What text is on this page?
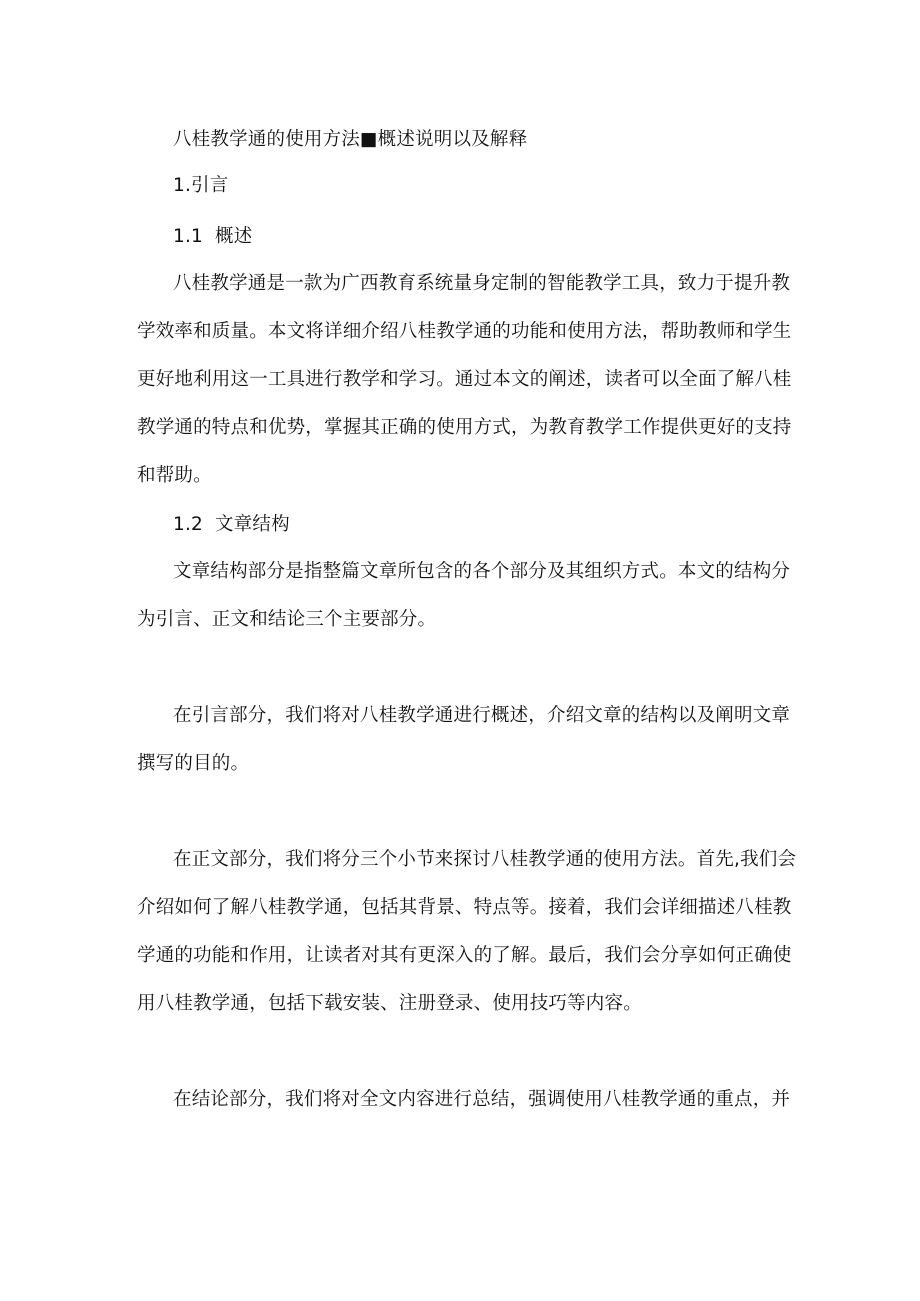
八桂教学通的使用方法■概述说明以及解释
1.引言
1.1 概述
八桂教学通是一款为广西教育系统量身定制的智能教学工具，致力于提升教
学效率和质量。本文将详细介绍八桂教学通的功能和使用方法，帮助教师和学生
更好地利用这一工具进行教学和学习。通过本文的阐述，读者可以全面了解八桂
教学通的特点和优势，掌握其正确的使用方式，为教育教学工作提供更好的支持
和帮助。
1.2 文章结构
文章结构部分是指整篇文章所包含的各个部分及其组织方式。本文的结构分
为引言、正文和结论三个主要部分。
在引言部分，我们将对八桂教学通进行概述，介绍文章的结构以及阐明文章
撰写的目的。
在正文部分，我们将分三个小节来探讨八桂教学通的使用方法。首先,我们会
介绍如何了解八桂教学通，包括其背景、特点等。接着，我们会详细描述八桂教
学通的功能和作用，让读者对其有更深入的了解。最后，我们会分享如何正确使
用八桂教学通，包括下载安装、注册登录、使用技巧等内容。
在结论部分，我们将对全文内容进行总结，强调使用八桂教学通的重点，并
